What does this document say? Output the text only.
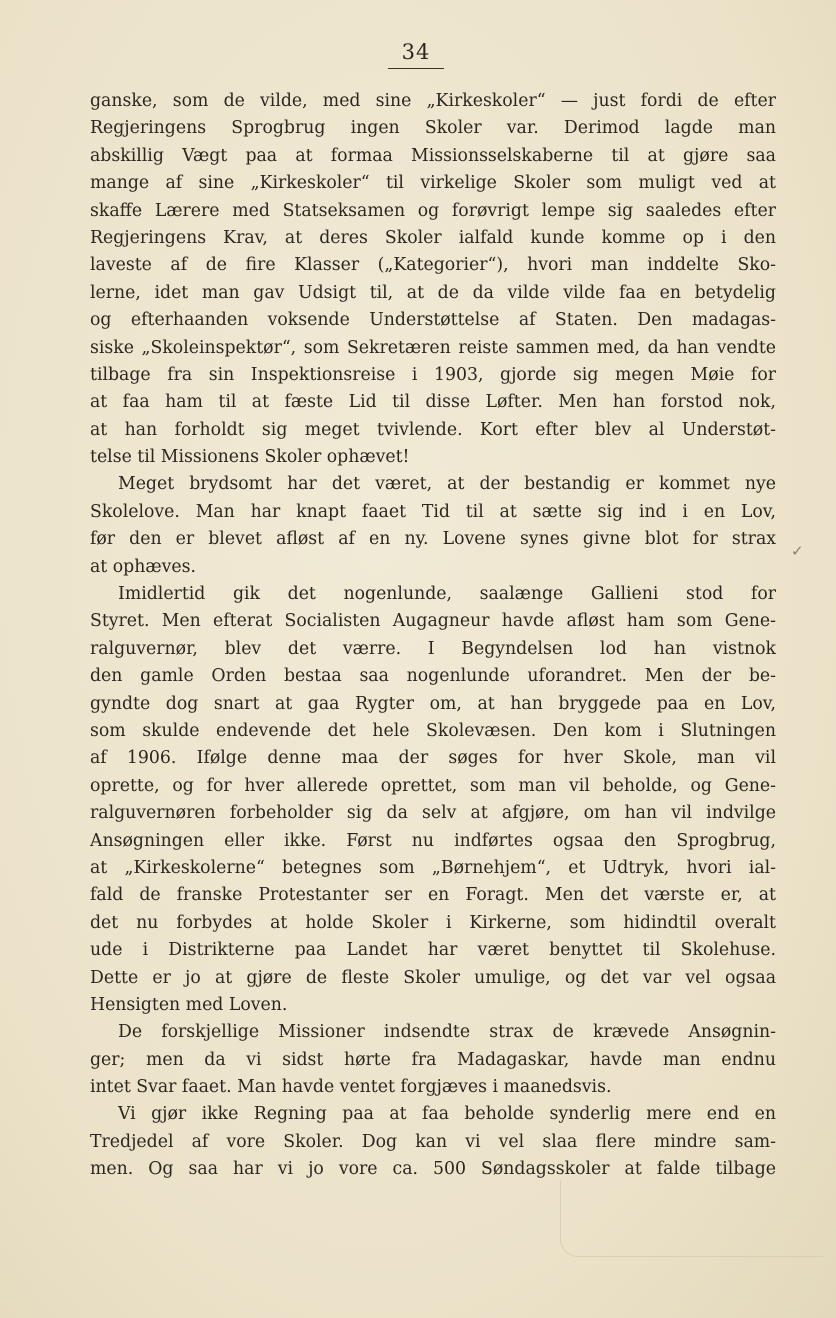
34
ganske, som de vilde, med sine „Kirkeskoler“ — just fordi de efter
Regjeringens Sprogbrug ingen Skoler var. Derimod lagde man
abskillig Vægt paa at formaa Missionsselskaberne til at gjøre saa
mange af sine „Kirkeskoler“ til virkelige Skoler som muligt ved at
skaffe Lærere med Statseksamen og forøvrigt lempe sig saaledes efter
Regjeringens Krav, at deres Skoler ialfald kunde komme op i den
laveste af de fire Klasser („Kategorier“), hvori man inddelte Sko-
lerne, idet man gav Udsigt til, at de da vilde vilde faa en betydelig
og efterhaanden voksende Understøttelse af Staten. Den madagas-
siske „Skoleinspektør“, som Sekretæren reiste sammen med, da han vendte
tilbage fra sin Inspektionsreise i 1903, gjorde sig megen Møie for
at faa ham til at fæste Lid til disse Løfter. Men han forstod nok,
at han forholdt sig meget tvivlende. Kort efter blev al Understøt-
telse til Missionens Skoler ophævet!
Meget brydsomt har det været, at der bestandig er kommet nye
Skolelove. Man har knapt faaet Tid til at sætte sig ind i en Lov,
før den er blevet afløst af en ny. Lovene synes givne blot for strax
at ophæves.
Imidlertid gik det nogenlunde, saalænge Gallieni stod for
Styret. Men efterat Socialisten Augagneur havde afløst ham som Gene-
ralguvernør, blev det værre. I Begyndelsen lod han vistnok
den gamle Orden bestaa saa nogenlunde uforandret. Men der be-
gyndte dog snart at gaa Rygter om, at han bryggede paa en Lov,
som skulde endevende det hele Skolevæsen. Den kom i Slutningen
af 1906. Ifølge denne maa der søges for hver Skole, man vil
oprette, og for hver allerede oprettet, som man vil beholde, og Gene-
ralguvernøren forbeholder sig da selv at afgjøre, om han vil indvilge
Ansøgningen eller ikke. Først nu indførtes ogsaa den Sprogbrug,
at „Kirkeskolerne“ betegnes som „Børnehjem“, et Udtryk, hvori ial-
fald de franske Protestanter ser en Foragt. Men det værste er, at
det nu forbydes at holde Skoler i Kirkerne, som hidindtil overalt
ude i Distrikterne paa Landet har været benyttet til Skolehuse.
Dette er jo at gjøre de fleste Skoler umulige, og det var vel ogsaa
Hensigten med Loven.
De forskjellige Missioner indsendte strax de krævede Ansøgnin-
ger; men da vi sidst hørte fra Madagaskar, havde man endnu
intet Svar faaet. Man havde ventet forgjæves i maanedsvis.
Vi gjør ikke Regning paa at faa beholde synderlig mere end en
Tredjedel af vore Skoler. Dog kan vi vel slaa flere mindre sam-
men. Og saa har vi jo vore ca. 500 Søndagsskoler at falde tilbage
✓
